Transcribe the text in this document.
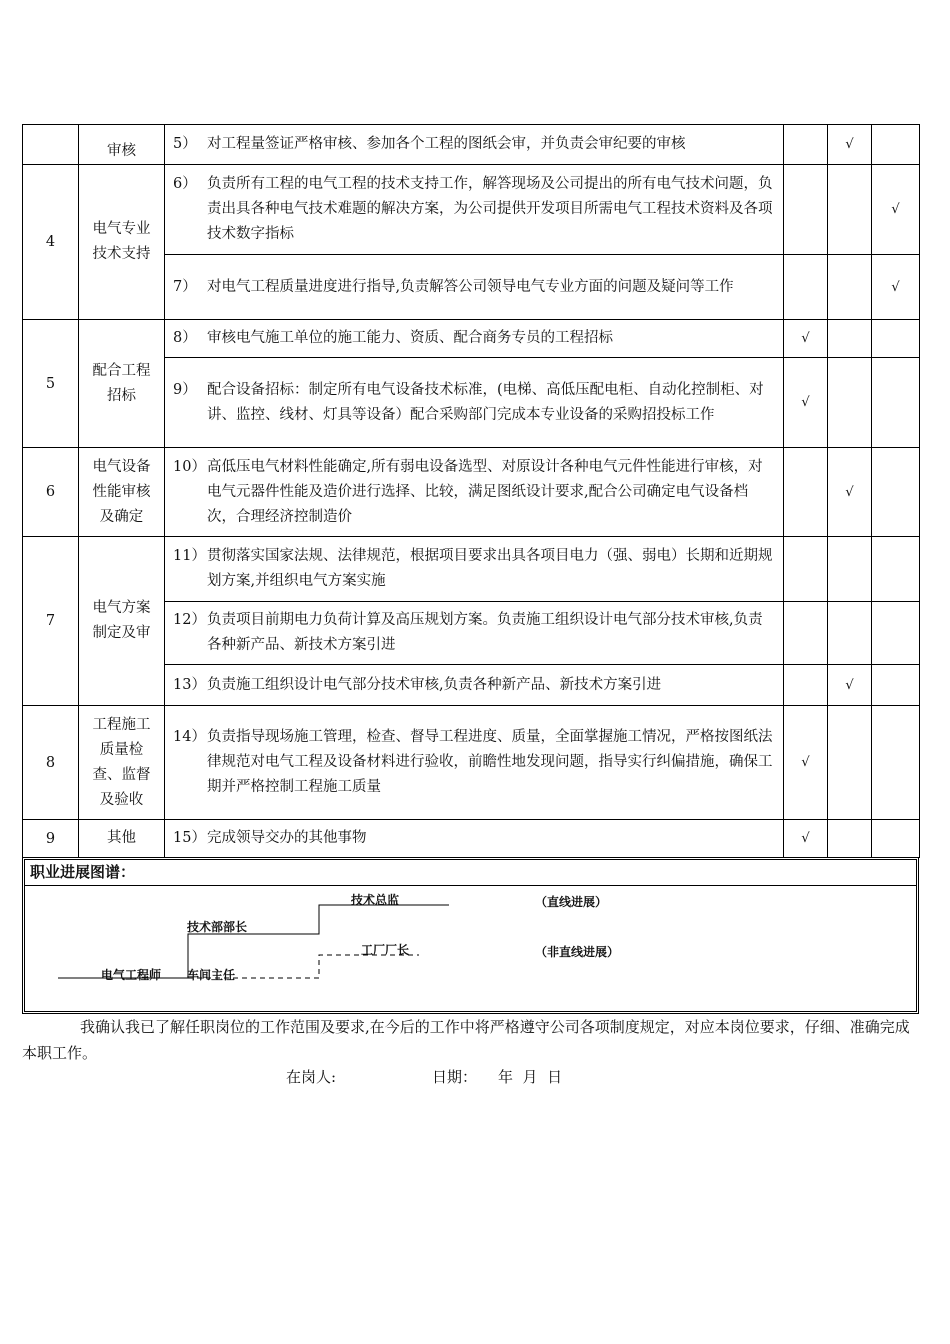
	审核	5） 对工程量签证严格审核、参加各个工程的图纸会审，并负责会审纪要的审核		√	
4	电气专业技术支持	6） 负责所有工程的电气工程的技术支持工作，解答现场及公司提出的所有电气技术问题，负责出具各种电气技术难题的解决方案，为公司提供开发项目所需电气工程技术资料及各项技术数字指标			√

		7） 对电气工程质量进度进行指导,负责解答公司领导电气专业方面的问题及疑问等工作			√
5	配合工程招标	8） 审核电气施工单位的施工能力、资质、配合商务专员的工程招标	√		

		9） 配合设备招标：制定所有电气设备技术标准，(电梯、高低压配电柜、自动化控制柜、对讲、监控、线材、灯具等设备）配合采购部门完成本专业设备的采购招投标工作	√		
6	电气设备性能审核及确定	10） 高低压电气材料性能确定,所有弱电设备选型、对原设计各种电气元件性能进行审核，对电气元器件性能及造价进行选择、比较，满足图纸设计要求,配合公司确定电气设备档次，合理经济控制造价		√	
7	电气方案制定及审	11） 贯彻落实国家法规、法律规范，根据项目要求出具各项目电力（强、弱电）长期和近期规划方案,并组织电气方案实施			

		12） 负责项目前期电力负荷计算及高压规划方案。负责施工组织设计电气部分技术审核,负责各种新产品、新技术方案引进			

		13） 负责施工组织设计电气部分技术审核,负责各种新产品、新技术方案引进		√	
8	工程施工质量检查、监督及验收	14） 负责指导现场施工管理，检查、督导工程进度、质量，全面掌握施工情况，严格按图纸法律规范对电气工程及设备材料进行验收，前瞻性地发现问题，指导实行纠偏措施，确保工期并严格控制工程施工质量	√		
9	其他	15） 完成领导交办的其他事物	√		
职业进展图谱：
电气工程师 车间主任
技术部部长
技术总监
工厂厂长
（直线进展）
（非直线进展）

我确认我已了解任职岗位的工作范围及要求,在今后的工作中将严格遵守公司各项制度规定，对应本岗位要求，仔细、准确完成本职工作。

在岗人:	日期： 年  月  日
